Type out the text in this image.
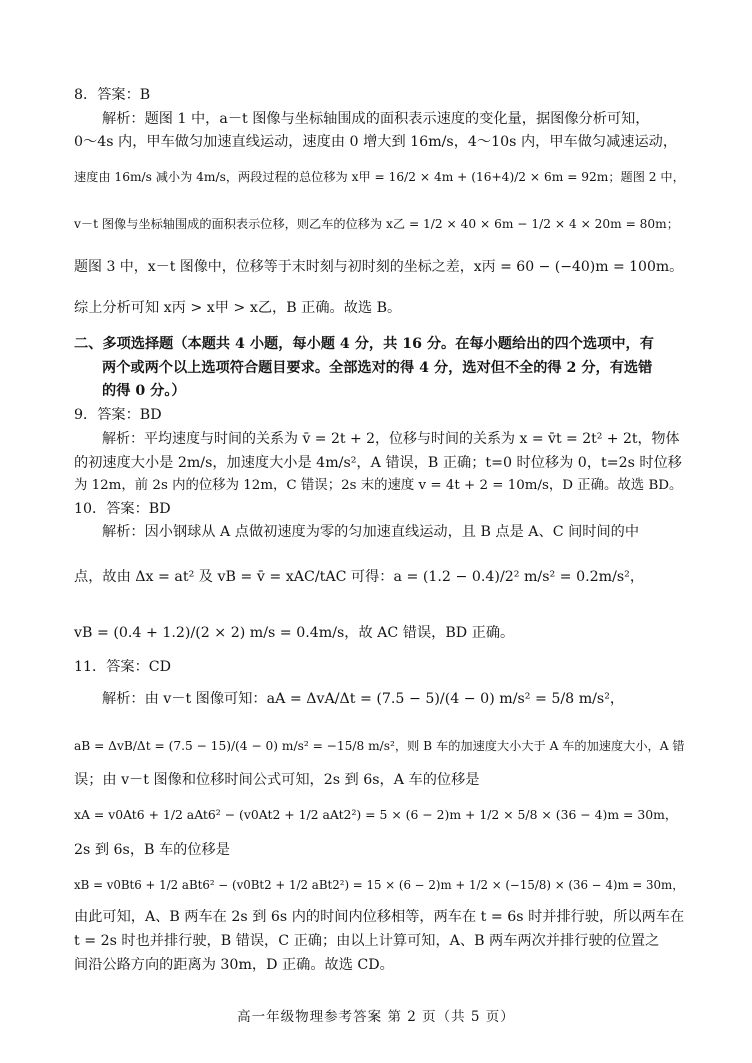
8．答案：B
解析：题图 1 中，a－t 图像与坐标轴围成的面积表示速度的变化量，据图像分析可知，
0～4s 内，甲车做匀加速直线运动，速度由 0 增大到 16m/s，4～10s 内，甲车做匀减速运动，
速度由 16m/s 减小为 4m/s，两段过程的总位移为 x甲 = 16/2 × 4m + (16+4)/2 × 6m = 92m；题图 2 中，
v－t 图像与坐标轴围成的面积表示位移，则乙车的位移为 x乙 = 1/2 × 40 × 6m − 1/2 × 4 × 20m = 80m；
题图 3 中，x－t 图像中，位移等于末时刻与初时刻的坐标之差，x丙 = 60 − (−40)m = 100m。
综上分析可知 x丙 > x甲 > x乙，B 正确。故选 B。
二、多项选择题（本题共 4 小题，每小题 4 分，共 16 分。在每小题给出的四个选项中，有
两个或两个以上选项符合题目要求。全部选对的得 4 分，选对但不全的得 2 分，有选错
的得 0 分。）
9．答案：BD
解析：平均速度与时间的关系为 v̄ = 2t + 2，位移与时间的关系为 x = v̄t = 2t² + 2t，物体
的初速度大小是 2m/s，加速度大小是 4m/s²，A 错误，B 正确；t=0 时位移为 0，t=2s 时位移
为 12m，前 2s 内的位移为 12m，C 错误；2s 末的速度 v = 4t + 2 = 10m/s，D 正确。故选 BD。
10．答案：BD
解析：因小钢球从 A 点做初速度为零的匀加速直线运动，且 B 点是 A、C 间时间的中
点，故由 Δx = at² 及 vB = v̄ = xAC/tAC 可得：a = (1.2 − 0.4)/2² m/s² = 0.2m/s²，
vB = (0.4 + 1.2)/(2 × 2) m/s = 0.4m/s，故 AC 错误，BD 正确。
11．答案：CD
解析：由 v－t 图像可知：aA = ΔvA/Δt = (7.5 − 5)/(4 − 0) m/s² = 5/8 m/s²，
aB = ΔvB/Δt = (7.5 − 15)/(4 − 0) m/s² = −15/8 m/s²，则 B 车的加速度大小大于 A 车的加速度大小，A 错
误；由 v－t 图像和位移时间公式可知，2s 到 6s，A 车的位移是
xA = v0At6 + 1/2 aAt6² − (v0At2 + 1/2 aAt2²) = 5 × (6 − 2)m + 1/2 × 5/8 × (36 − 4)m = 30m，
2s 到 6s，B 车的位移是
xB = v0Bt6 + 1/2 aBt6² − (v0Bt2 + 1/2 aBt2²) = 15 × (6 − 2)m + 1/2 × (−15/8) × (36 − 4)m = 30m，
由此可知，A、B 两车在 2s 到 6s 内的时间内位移相等，两车在 t = 6s 时并排行驶，所以两车在
t = 2s 时也并排行驶，B 错误，C 正确；由以上计算可知，A、B 两车两次并排行驶的位置之
间沿公路方向的距离为 30m，D 正确。故选 CD。
高一年级物理参考答案 第 2 页（共 5 页）
